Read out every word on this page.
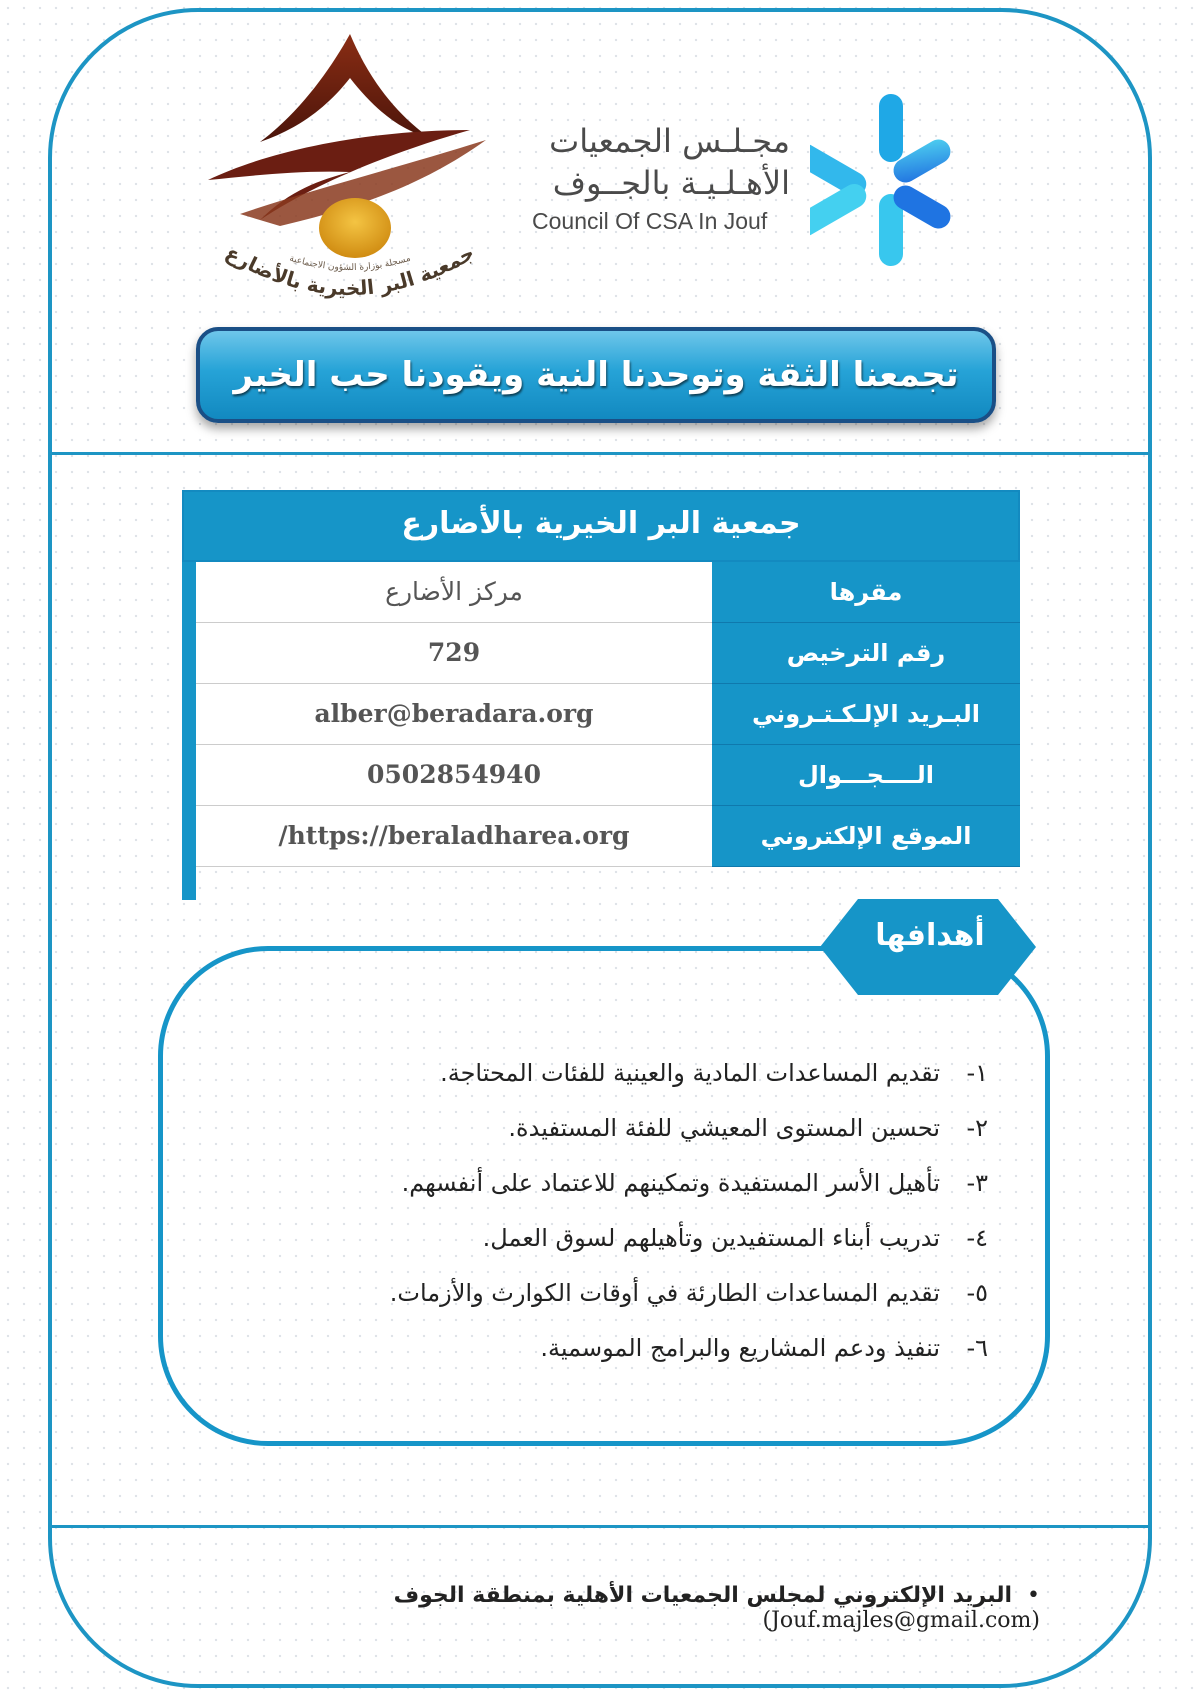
مجـلـس الجمعيات
الأهـلـيـة بالجــوف
Council Of CSA In Jouf
جمعية البر الخيرية بالأضارع
مسجلة بوزارة الشؤون الاجتماعية
تجمعنا الثقة وتوحدنا النية ويقودنا حب الخير
جمعية البر الخيرية بالأضارع
مقرها
مركز الأضارع
رقم الترخيص
729
البـريد الإلـكـتـروني
alber@beradara.org
الــــجـــوال
0502854940
الموقع الإلكتروني
/https://beraladharea.org
أهدافها
١-تقديم المساعدات المادية والعينية للفئات المحتاجة.
٢-تحسين المستوى المعيشي للفئة المستفيدة.
٣-تأهيل الأسر المستفيدة وتمكينهم للاعتماد على أنفسهم.
٤-تدريب أبناء المستفيدين وتأهيلهم لسوق العمل.
٥-تقديم المساعدات الطارئة في أوقات الكوارث والأزمات.
٦-تنفيذ ودعم المشاريع والبرامج الموسمية.
• البريد الإلكتروني لمجلس الجمعيات الأهلية بمنطقة الجوف (Jouf.majles@gmail.com)
